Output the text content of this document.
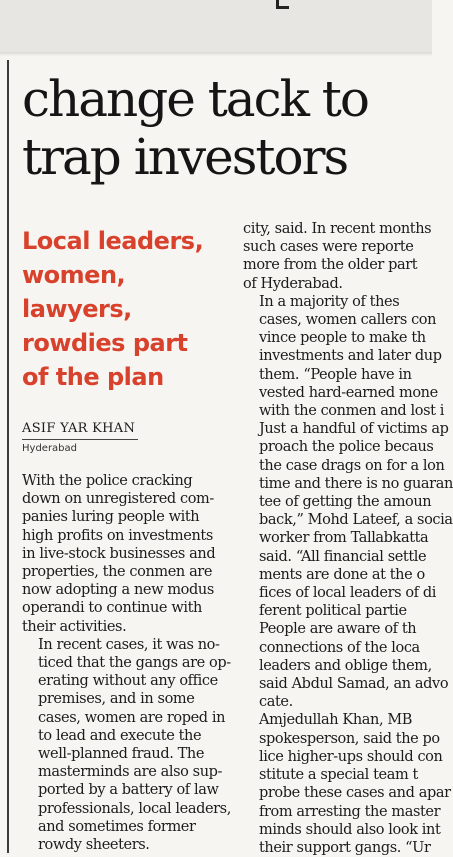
change tack to
trap investors
Local leaders,
women,
lawyers,
rowdies part
of the plan

ASIF YAR KHAN

Hyderabad

With the police cracking
down on unregistered com-
panies luring people with
high profits on investments
in live-stock businesses and
properties, the conmen are
now adopting a new modus
operandi to continue with
their activities.

In recent cases, it was no-
ticed that the gangs are op-
erating without any office
premises, and in some
cases, women are roped in
to lead and execute the
well-planned fraud. The
masterminds are also sup-
ported by a battery of law
professionals, local leaders,
and sometimes former
rowdy sheeters.

city, said. In recent months
such cases were reporte
more from the older part
of Hyderabad.

In a majority of thes
cases, women callers con
vince people to make th
investments and later dup
them. “People have in
vested hard-earned mone
with the conmen and lost i
Just a handful of victims ap
proach the police becaus
the case drags on for a lon
time and there is no guaran
tee of getting the amoun
back,” Mohd Lateef, a socia
worker from Tallabkatta
said. “All financial settle
ments are done at the o
fices of local leaders of di
ferent political partie
People are aware of th
connections of the loca
leaders and oblige them,
said Abdul Samad, an advo
cate.

Amjedullah Khan, MB
spokesperson, said the po
lice higher-ups should con
stitute a special team t
probe these cases and apar
from arresting the master
minds should also look int
their support gangs. “Ur
